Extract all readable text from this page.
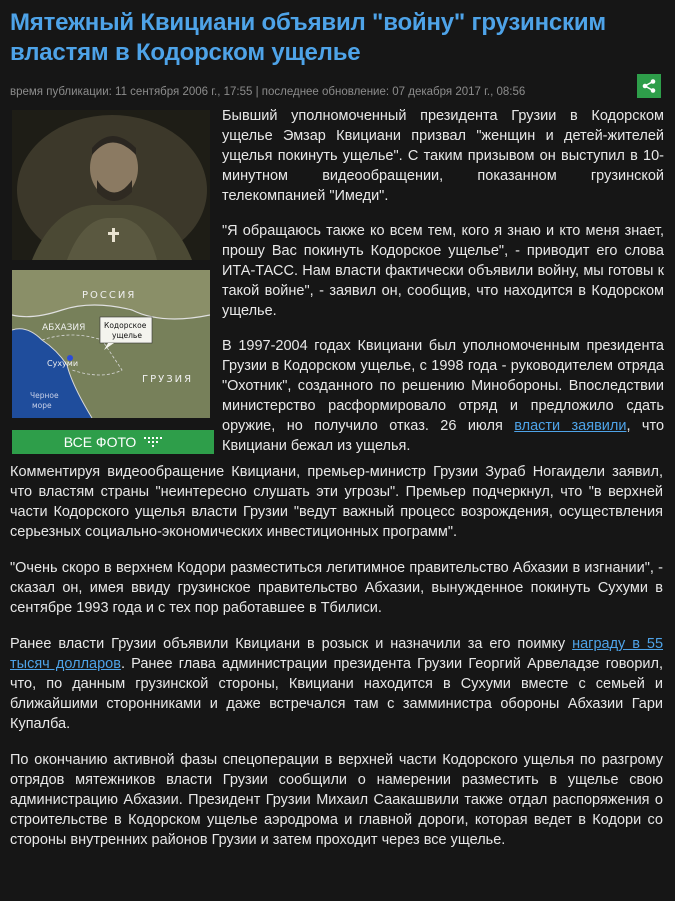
Мятежный Квициани объявил "войну" грузинским властям в Кодорском ущелье
время публикации: 11 сентября 2006 г., 17:55 | последнее обновление: 07 декабря 2017 г., 08:56
РОССИЯ
АБХАЗИЯ Кодорское
ущелье
Сухуми
ГРУЗИЯ
Черное
море
ВСЕ ФОТО

Бывший уполномоченный президента Грузии в Кодорском ущелье Эмзар Квициани призвал "женщин и детей-жителей ущелья покинуть ущелье". С таким призывом он выступил в 10-минутном видеообращении, показанном грузинской телекомпанией "Имеди".

"Я обращаюсь также ко всем тем, кого я знаю и кто меня знает, прошу Вас покинуть Кодорское ущелье", - приводит его слова ИТА-ТАСС. Нам власти фактически объявили войну, мы готовы к такой войне", - заявил он, сообщив, что находится в Кодорском ущелье.

В 1997-2004 годах Квициани был уполномоченным президента Грузии в Кодорском ущелье, с 1998 года - руководителем отряда "Охотник", созданного по решению Минобороны. Впоследствии министерство расформировало отряд и предложило сдать оружие, но получило отказ. 26 июля власти заявили, что Квициани бежал из ущелья.

Комментируя видеообращение Квициани, премьер-министр Грузии Зураб Ногаидели заявил, что властям страны "неинтересно слушать эти угрозы". Премьер подчеркнул, что "в верхней части Кодорского ущелья власти Грузии "ведут важный процесс возрождения, осуществления серьезных социально-экономических инвестиционных программ".

"Очень скоро в верхнем Кодори разместиться легитимное правительство Абхазии в изгнании", - сказал он, имея ввиду грузинское правительство Абхазии, вынужденное покинуть Сухуми в сентябре 1993 года и с тех пор работавшее в Тбилиси.

Ранее власти Грузии объявили Квициани в розыск и назначили за его поимку награду в 55 тысяч долларов. Ранее глава администрации президента Грузии Георгий Арвеладзе говорил, что, по данным грузинской стороны, Квициани находится в Сухуми вместе с семьей и ближайшими сторонниками и даже встречался там с замминистра обороны Абхазии Гари Купалба.

По окончанию активной фазы спецоперации в верхней части Кодорского ущелья по разгрому отрядов мятежников власти Грузии сообщили о намерении разместить в ущелье свою администрацию Абхазии. Президент Грузии Михаил Саакашвили также отдал распоряжения о строительстве в Кодорском ущелье аэродрома и главной дороги, которая ведет в Кодори со стороны внутренних районов Грузии и затем проходит через все ущелье.
